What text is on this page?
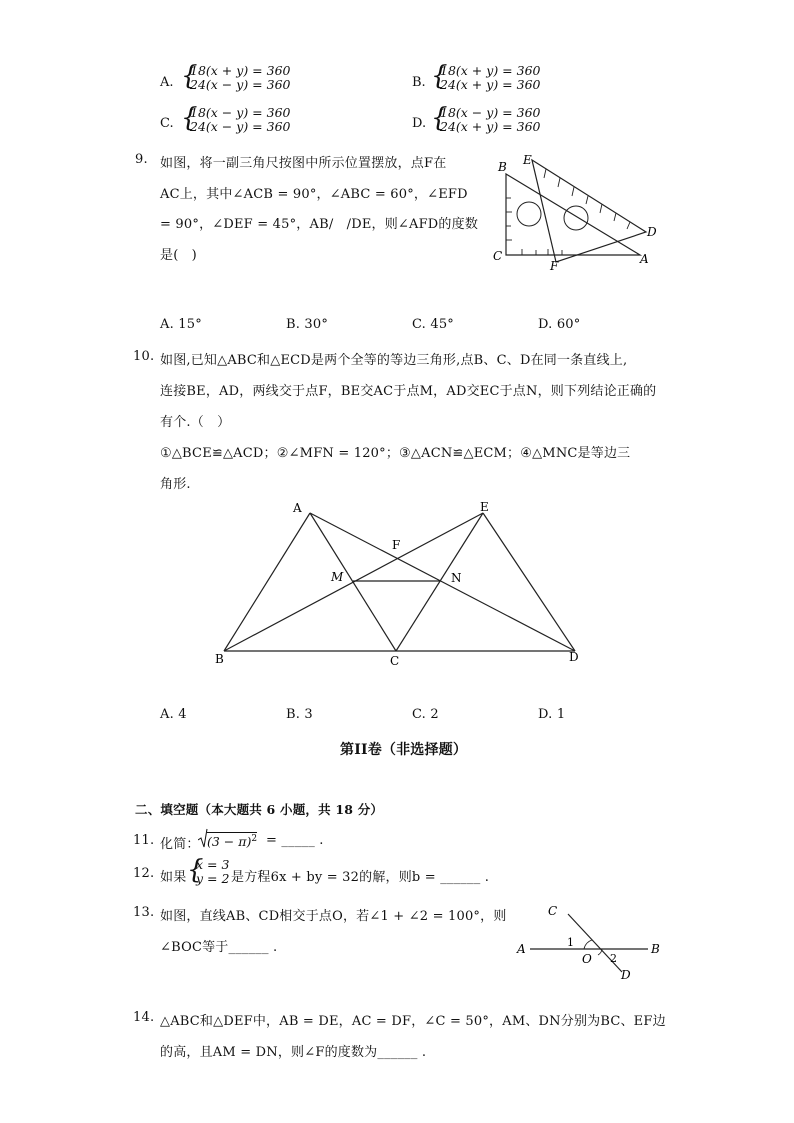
A. {
18(x + y) = 360
24(x − y) = 360	B. {
18(x + y) = 360
24(x + y) = 360
C. {
18(x − y) = 360
24(x − y) = 360	D. {
18(x − y) = 360
24(x + y) = 360
9. 如图，将一副三角尺按图中所示位置摆放，点F在
AC上，其中∠ACB = 90°，∠ABC = 60°，∠EFD
= 90°，∠DEF = 45°，AB/　/DE，则∠AFD的度数
是(　)
B E
D
C
F	A
A. 15°	B. 30°	C. 45°	D. 60°
10. 如图,已知△ABC和△ECD是两个全等的等边三角形,点B、C、D在同一条直线上,
连接BE，AD，两线交于点F，BE交AC于点M，AD交EC于点N，则下列结论正确的
有个.（　）
①△BCE≌△ACD；②∠MFN = 120°；③△ACN≌△ECM；④△MNC是等边三
角形.
A	E
F
M	N
B	C	D
A. 4	B. 3	C. 2	D. 1
第II卷（非选择题）
二、填空题（本大题共 6 小题，共 18 分）
11. 化简： $(3 - \pi)^2$ = _____ .
12. 如果 {
x = 3
y = 2 是方程6x + by = 32的解，则b = ______ .
13. 如图，直线AB、CD相交于点O，若∠1 + ∠2 = 100°，则
∠BOC等于______ .
C
A	B
1
O 2
D
14. △ABC和△DEF中，AB = DE，AC = DF，∠C = 50°，AM、DN分别为BC、EF边
的高，且AM = DN，则∠F的度数为______ .
